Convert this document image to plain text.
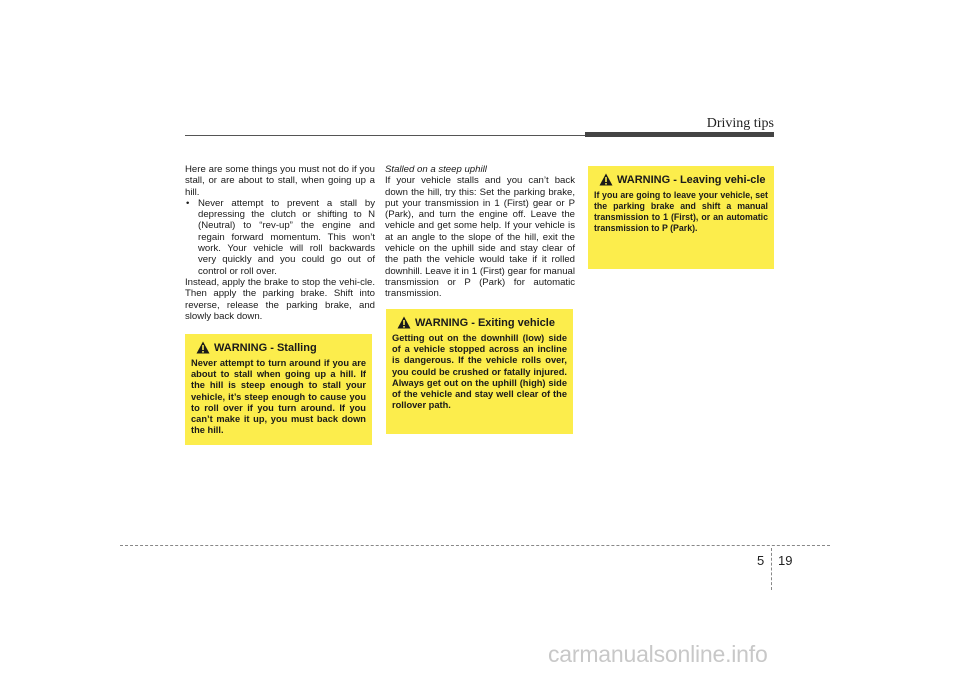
Driving tips

Here are some things you must not do if you stall, or are about to stall, when going up a hill.

• Never attempt to prevent a stall by depressing the clutch or shifting to N (Neutral) to “rev-up” the engine and regain forward momentum. This won’t work. Your vehicle will roll backwards very quickly and you could go out of control or roll over.

Instead, apply the brake to stop the vehi-cle. Then apply the parking brake. Shift into reverse, release the parking brake, and slowly back down.

Stalled on a steep uphill

If your vehicle stalls and you can’t back down the hill, try this: Set the parking brake, put your transmission in 1 (First) gear or P (Park), and turn the engine off. Leave the vehicle and get some help. If your vehicle is at an angle to the slope of the hill, exit the vehicle on the uphill side and stay clear of the path the vehicle would take if it rolled downhill. Leave it in 1 (First) gear for manual transmission or P (Park) for automatic transmission.

WARNING - Stalling
Never attempt to turn around if you are about to stall when going up a hill. If the hill is steep enough to stall your vehicle, it’s steep enough to cause you to roll over if you turn around. If you can’t make it up, you must back down the hill.
WARNING - Exiting vehicle
Getting out on the downhill (low) side of a vehicle stopped across an incline is dangerous. If the vehicle rolls over, you could be crushed or fatally injured. Always get out on the uphill (high) side of the vehicle and stay well clear of the rollover path.
WARNING - Leaving vehi-cle
If you are going to leave your vehicle, set the parking brake and shift a manual transmission to 1 (First), or an automatic transmission to P (Park).
5 19
carmanualsonline.info
